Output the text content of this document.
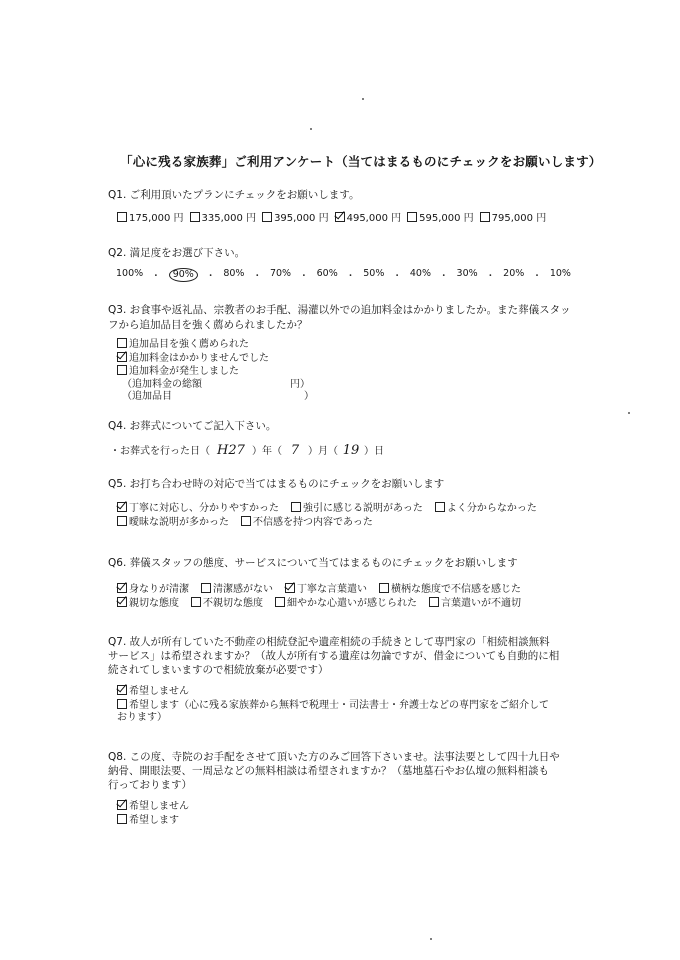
「心に残る家族葬」ご利用アンケート（当てはまるものにチェックをお願いします）
Q1. ご利用頂いたプランにチェックをお願いします。
175,000 円	335,000 円	395,000 円	495,000 円	595,000 円	795,000 円
Q2. 満足度をお選び下さい。
100% ・	90%	・ 80% ・ 70% ・ 60% ・ 50% ・ 40% ・ 30% ・ 20% ・ 10%
Q3. お食事や返礼品、宗教者のお手配、湯灌以外での追加料金はかかりましたか。また葬儀スタッ
フから追加品目を強く薦められましたか？
追加品目を強く薦められた
追加料金はかかりませんでした
追加料金が発生しました
（追加料金の総額	円）
（追加品目	）
Q4. お葬式についてご記入下さい。
・お葬式を行った日（ H27 ）年（ 7 ）月（ 19 ）日
Q5. お打ち合わせ時の対応で当てはまるものにチェックをお願いします
丁寧に対応し、分かりやすかった	強引に感じる説明があった	よく分からなかった
曖昧な説明が多かった	不信感を持つ内容であった
Q6. 葬儀スタッフの態度、サービスについて当てはまるものにチェックをお願いします
身なりが清潔	清潔感がない	丁寧な言葉遣い	横柄な態度で不信感を感じた
親切な態度	不親切な態度	細やかな心遣いが感じられた	言葉遣いが不適切
Q7. 故人が所有していた不動産の相続登記や遺産相続の手続きとして専門家の「相続相談無料
サービス」は希望されますか？（故人が所有する遺産は勿論ですが、借金についても自動的に相
続されてしまいますので相続放棄が必要です）
希望しません
希望します（心に残る家族葬から無料で税理士・司法書士・弁護士などの専門家をご紹介して
おります）
Q8. この度、寺院のお手配をさせて頂いた方のみご回答下さいませ。法事法要として四十九日や
納骨、開眼法要、一周忌などの無料相談は希望されますか？（墓地墓石やお仏壇の無料相談も
行っております）
希望しません
希望します
